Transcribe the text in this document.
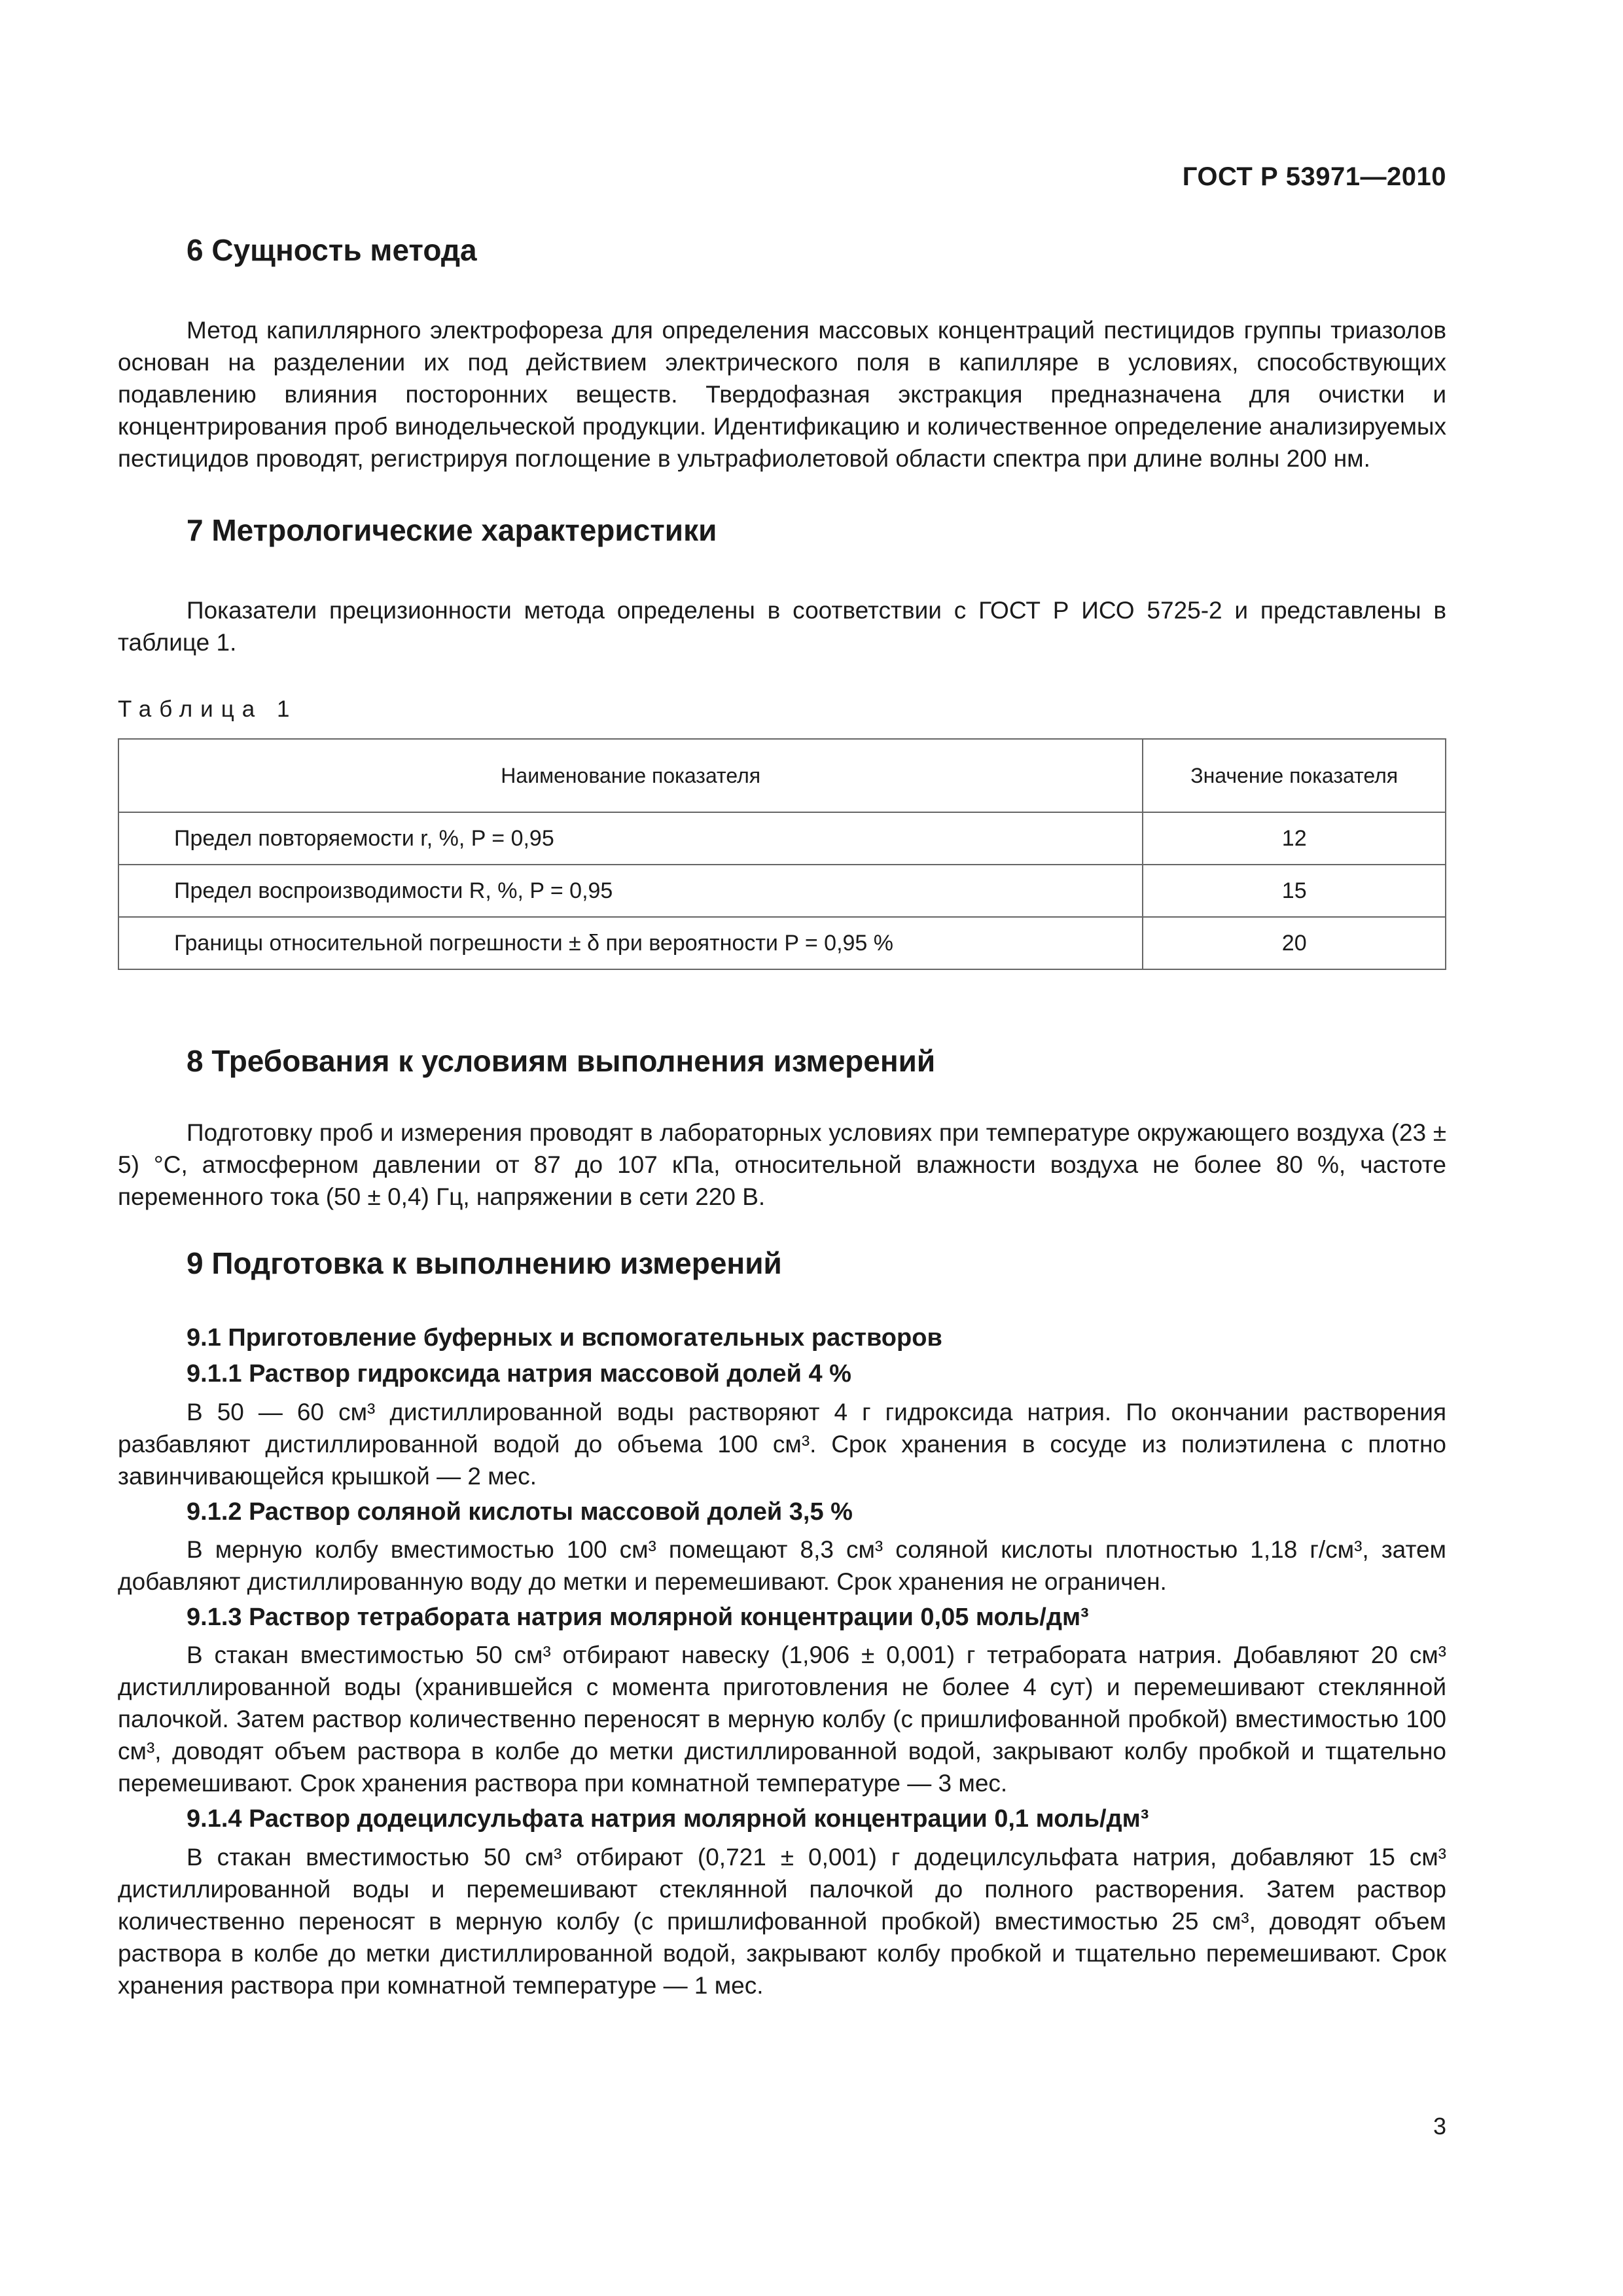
ГОСТ Р 53971—2010
6 Сущность метода

Метод капиллярного электрофореза для определения массовых концентраций пестицидов группы триазолов основан на разделении их под действием электрического поля в капилляре в условиях, способствующих подавлению влияния посторонних веществ. Твердофазная экстракция предназначена для очистки и концентрирования проб винодельческой продукции. Идентификацию и количественное определение анализируемых пестицидов проводят, регистрируя поглощение в ультрафиолетовой области спектра при длине волны 200 нм.

7 Метрологические характеристики

Показатели прецизионности метода определены в соответствии с ГОСТ Р ИСО 5725-2 и представлены в таблице 1.

Таблица 1
Наименование показателя	Значение показателя
Предел повторяемости r, %, P = 0,95	12
Предел воспроизводимости R, %, P = 0,95	15
Границы относительной погрешности ± δ при вероятности P = 0,95 %	20
8 Требования к условиям выполнения измерений

Подготовку проб и измерения проводят в лабораторных условиях при температуре окружающего воздуха (23 ± 5) °С, атмосферном давлении от 87 до 107 кПа, относительной влажности воздуха не более 80 %, частоте переменного тока (50 ± 0,4) Гц, напряжении в сети 220 В.

9 Подготовка к выполнению измерений
9.1 Приготовление буферных и вспомогательных растворов
9.1.1 Раствор гидроксида натрия массовой долей 4 %

В 50 — 60 см³ дистиллированной воды растворяют 4 г гидроксида натрия. По окончании растворения разбавляют дистиллированной водой до объема 100 см³. Срок хранения в сосуде из полиэтилена с плотно завинчивающейся крышкой — 2 мес.

9.1.2 Раствор соляной кислоты массовой долей 3,5 %

В мерную колбу вместимостью 100 см³ помещают 8,3 см³ соляной кислоты плотностью 1,18 г/см³, затем добавляют дистиллированную воду до метки и перемешивают. Срок хранения не ограничен.

9.1.3 Раствор тетрабората натрия молярной концентрации 0,05 моль/дм³

В стакан вместимостью 50 см³ отбирают навеску (1,906 ± 0,001) г тетрабората натрия. Добавляют 20 см³ дистиллированной воды (хранившейся с момента приготовления не более 4 сут) и перемешивают стеклянной палочкой. Затем раствор количественно переносят в мерную колбу (с пришлифованной пробкой) вместимостью 100 см³, доводят объем раствора в колбе до метки дистиллированной водой, закрывают колбу пробкой и тщательно перемешивают. Срок хранения раствора при комнатной температуре — 3 мес.

9.1.4 Раствор додецилсульфата натрия молярной концентрации 0,1 моль/дм³

В стакан вместимостью 50 см³ отбирают (0,721 ± 0,001) г додецилсульфата натрия, добавляют 15 см³ дистиллированной воды и перемешивают стеклянной палочкой до полного растворения. Затем раствор количественно переносят в мерную колбу (с пришлифованной пробкой) вместимостью 25 см³, доводят объем раствора в колбе до метки дистиллированной водой, закрывают колбу пробкой и тщательно перемешивают. Срок хранения раствора при комнатной температуре — 1 мес.

3
